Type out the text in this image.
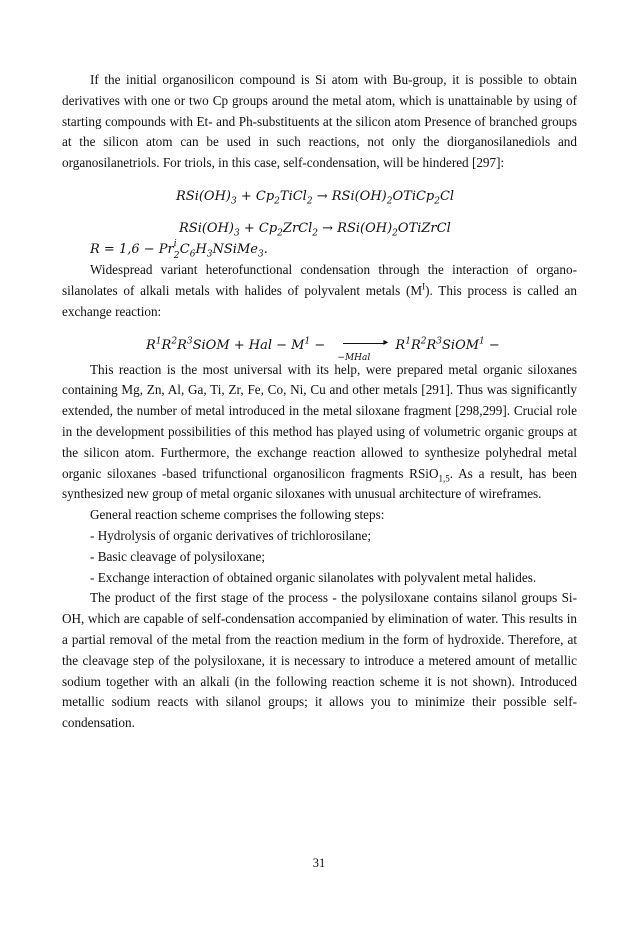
If the initial organosilicon compound is Si atom with Bu-group, it is possible to obtain derivatives with one or two Cp groups around the metal atom, which is unattainable by using of starting compounds with Et- and Ph-substituents at the silicon atom Presence of branched groups at the silicon atom can be used in such reactions, not only the diorganosilanediols and organosilanetriols. For triols, in this case, self-condensation, will be hindered [297]:

$RSi(OH)_3$ + $Cp_2TiCl_2$ → $RSi(OH)_2OTiCp_2Cl$
$RSi(OH)_3$ + $Cp_2ZrCl_2$ → $RSi(OH)_2OTiZrCl$
R = 1,6 − Pr i
2 $C_6H_3NSiMe_3$.

Widespread variant heterofunctional condensation through the interaction of organo-silanolates of alkali metals with halides of polyvalent metals $(M^I)$. This process is called an exchange reaction:

$R^1R^2R^3SiOM$ + Hal − $M^1$ −	▸
−MHal
$R^1R^2R^3SiOM^1$ −

This reaction is the most universal with its help, were prepared metal organic siloxanes containing Mg, Zn, Al, Ga, Ti, Zr, Fe, Co, Ni, Cu and other metals [291]. Thus was significantly extended, the number of metal introduced in the metal siloxane fragment [298,299]. Crucial role in the development possibilities of this method has played using of volumetric organic groups at the silicon atom. Furthermore, the exchange reaction allowed to synthesize polyhedral metal organic siloxanes -based trifunctional organosilicon fragments RSiO$_{1,5}$. As a result, has been synthesized new group of metal organic siloxanes with unusual architecture of wireframes.

General reaction scheme comprises the following steps:

- Hydrolysis of organic derivatives of trichlorosilane;

- Basic cleavage of polysiloxane;

- Exchange interaction of obtained organic silanolates with polyvalent metal halides.

The product of the first stage of the process - the polysiloxane contains silanol groups Si-OH, which are capable of self-condensation accompanied by elimination of water. This results in a partial removal of the metal from the reaction medium in the form of hydroxide. Therefore, at the cleavage step of the polysiloxane, it is necessary to introduce a metered amount of metallic sodium together with an alkali (in the following reaction scheme it is not shown). Introduced metallic sodium reacts with silanol groups; it allows you to minimize their possible self-condensation.

31
